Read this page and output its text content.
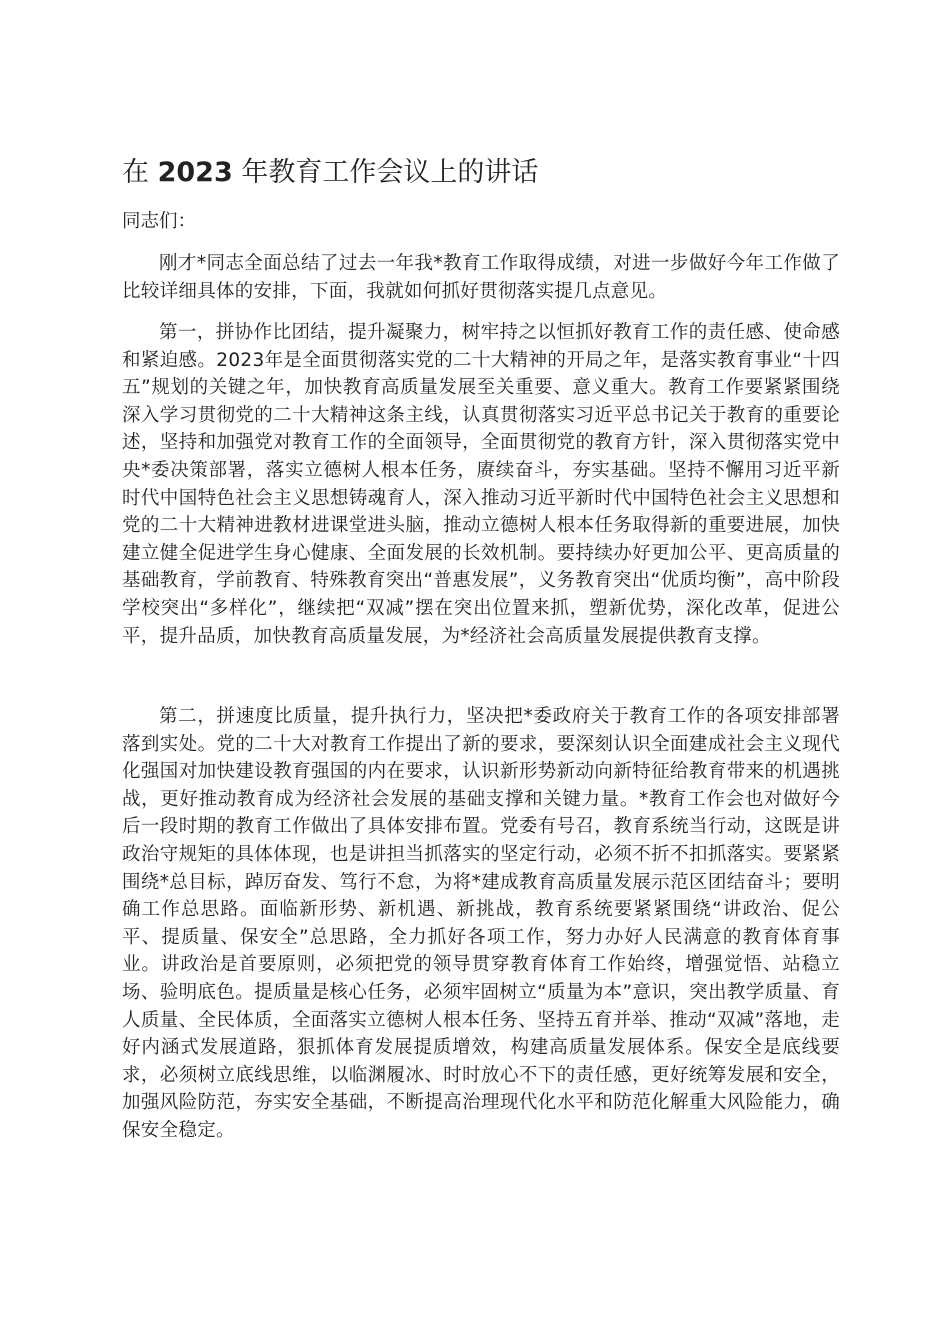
在 2023 年教育工作会议上的讲话

同志们：

刚才*同志全面总结了过去一年我*教育工作取得成绩，对进一步做好今年工作做了比较详细具体的安排，下面，我就如何抓好贯彻落实提几点意见。

第一，拼协作比团结，提升凝聚力，树牢持之以恒抓好教育工作的责任感、使命感和紧迫感。2023年是全面贯彻落实党的二十大精神的开局之年，是落实教育事业“十四五”规划的关键之年，加快教育高质量发展至关重要、意义重大。教育工作要紧紧围绕深入学习贯彻党的二十大精神这条主线，认真贯彻落实习近平总书记关于教育的重要论述，坚持和加强党对教育工作的全面领导，全面贯彻党的教育方针，深入贯彻落实党中央*委决策部署，落实立德树人根本任务，赓续奋斗，夯实基础。坚持不懈用习近平新时代中国特色社会主义思想铸魂育人，深入推动习近平新时代中国特色社会主义思想和党的二十大精神进教材进课堂进头脑，推动立德树人根本任务取得新的重要进展，加快建立健全促进学生身心健康、全面发展的长效机制。要持续办好更加公平、更高质量的基础教育，学前教育、特殊教育突出“普惠发展”，义务教育突出“优质均衡”，高中阶段学校突出“多样化”，继续把“双减”摆在突出位置来抓，塑新优势，深化改革，促进公平，提升品质，加快教育高质量发展，为*经济社会高质量发展提供教育支撑。

第二，拼速度比质量，提升执行力，坚决把*委政府关于教育工作的各项安排部署落到实处。党的二十大对教育工作提出了新的要求，要深刻认识全面建成社会主义现代化强国对加快建设教育强国的内在要求，认识新形势新动向新特征给教育带来的机遇挑战，更好推动教育成为经济社会发展的基础支撑和关键力量。*教育工作会也对做好今后一段时期的教育工作做出了具体安排布置。党委有号召，教育系统当行动，这既是讲政治守规矩的具体体现，也是讲担当抓落实的坚定行动，必须不折不扣抓落实。要紧紧围绕*总目标，踔厉奋发、笃行不怠，为将*建成教育高质量发展示范区团结奋斗；要明确工作总思路。面临新形势、新机遇、新挑战，教育系统要紧紧围绕“讲政治、促公平、提质量、保安全”总思路，全力抓好各项工作，努力办好人民满意的教育体育事业。讲政治是首要原则，必须把党的领导贯穿教育体育工作始终，增强觉悟、站稳立场、验明底色。提质量是核心任务，必须牢固树立“质量为本”意识，突出教学质量、育人质量、全民体质，全面落实立德树人根本任务、坚持五育并举、推动“双减”落地，走好内涵式发展道路，狠抓体育发展提质增效，构建高质量发展体系。保安全是底线要求，必须树立底线思维，以临渊履冰、时时放心不下的责任感，更好统筹发展和安全，加强风险防范，夯实安全基础，不断提高治理现代化水平和防范化解重大风险能力，确保安全稳定。
